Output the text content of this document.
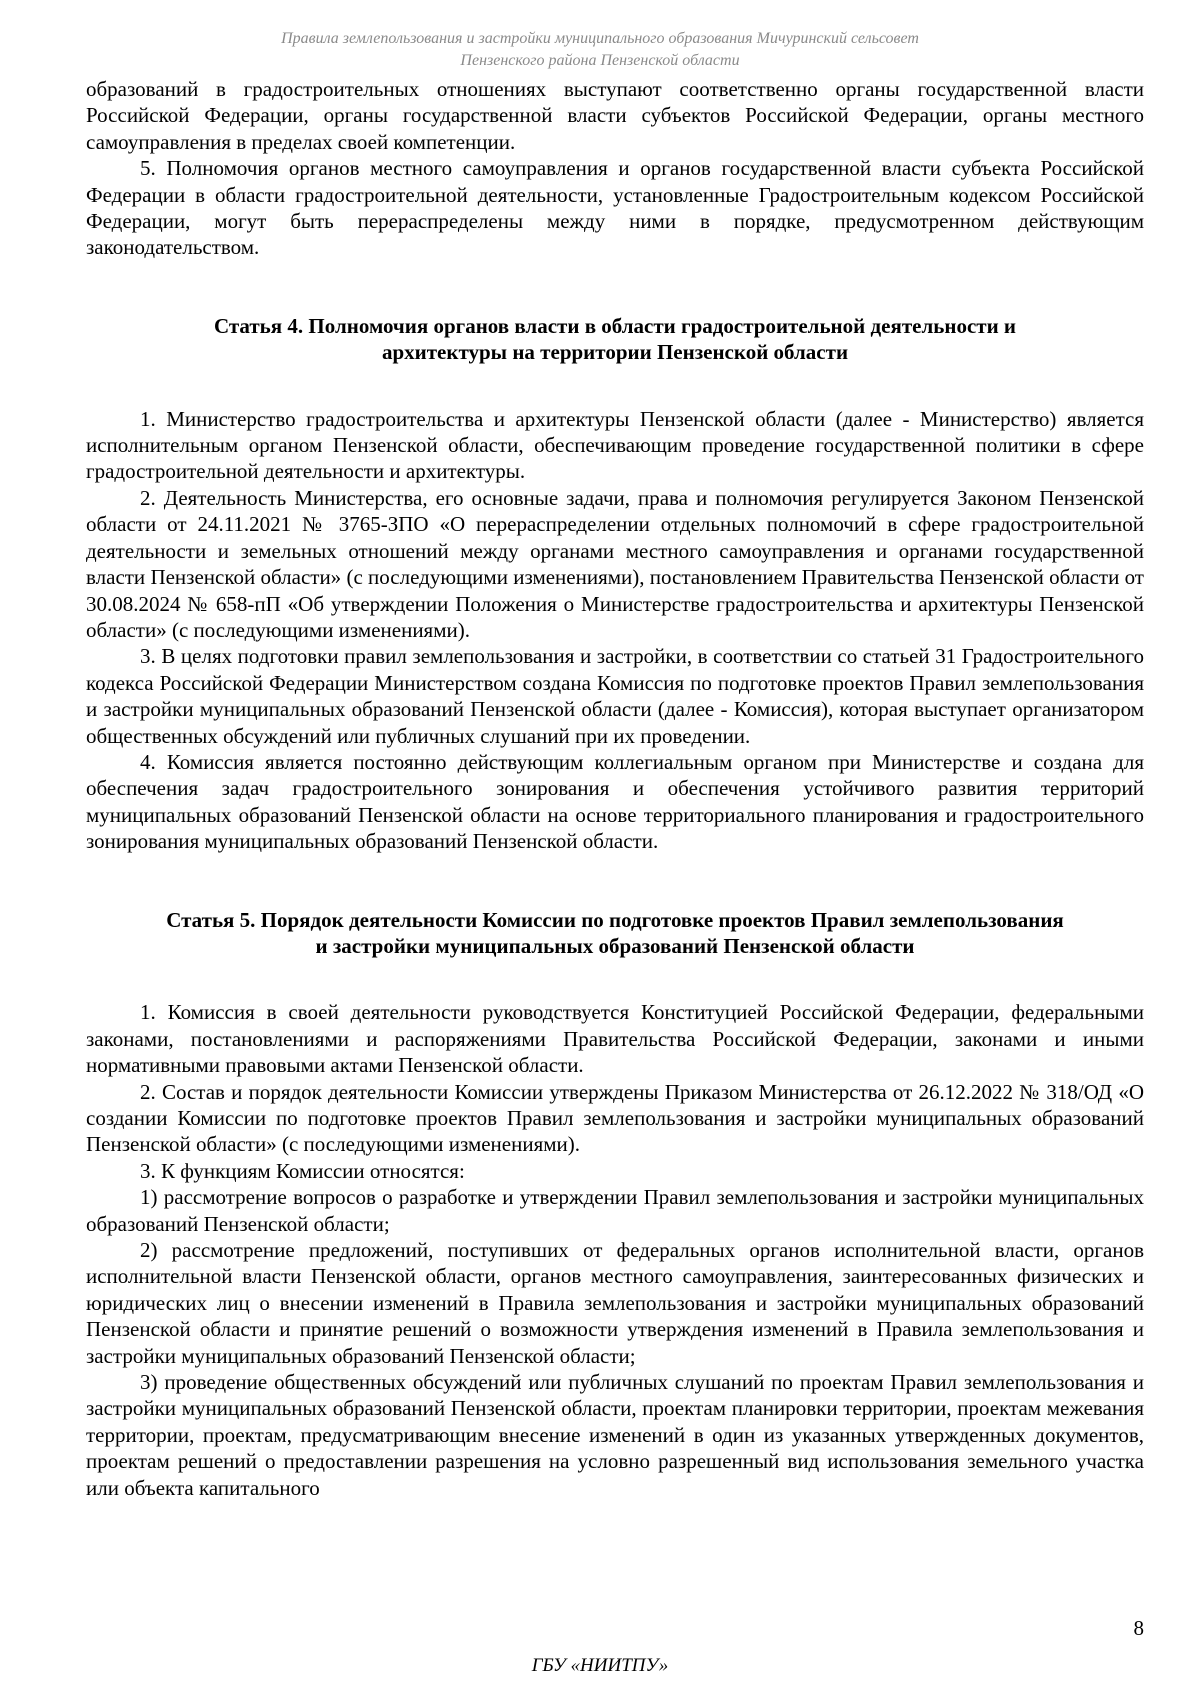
Правила землепользования и застройки муниципального образования Мичуринский сельсовет
Пензенского района Пензенской области

образований в градостроительных отношениях выступают соответственно органы государственной власти Российской Федерации, органы государственной власти субъектов Российской Федерации, органы местного самоуправления в пределах своей компетенции.

5. Полномочия органов местного самоуправления и органов государственной власти субъекта Российской Федерации в области градостроительной деятельности, установленные Градостроительным кодексом Российской Федерации, могут быть перераспределены между ними в порядке, предусмотренном действующим законодательством.

Статья 4. Полномочия органов власти в области градостроительной деятельности и
архитектуры на территории Пензенской области

1. Министерство градостроительства и архитектуры Пензенской области (далее - Министерство) является исполнительным органом Пензенской области, обеспечивающим проведение государственной политики в сфере градостроительной деятельности и архитектуры.

2. Деятельность Министерства, его основные задачи, права и полномочия регулируется Законом Пензенской области от 24.11.2021 № 3765-ЗПО «О перераспределении отдельных полномочий в сфере градостроительной деятельности и земельных отношений между органами местного самоуправления и органами государственной власти Пензенской области» (с последующими изменениями), постановлением Правительства Пензенской области от 30.08.2024 № 658-пП «Об утверждении Положения о Министерстве градостроительства и архитектуры Пензенской области» (с последующими изменениями).

3. В целях подготовки правил землепользования и застройки, в соответствии со статьей 31 Градостроительного кодекса Российской Федерации Министерством создана Комиссия по подготовке проектов Правил землепользования и застройки муниципальных образований Пензенской области (далее - Комиссия), которая выступает организатором общественных обсуждений или публичных слушаний при их проведении.

4. Комиссия является постоянно действующим коллегиальным органом при Министерстве и создана для обеспечения задач градостроительного зонирования и обеспечения устойчивого развития территорий муниципальных образований Пензенской области на основе территориального планирования и градостроительного зонирования муниципальных образований Пензенской области.

Статья 5. Порядок деятельности Комиссии по подготовке проектов Правил землепользования
и застройки муниципальных образований Пензенской области

1. Комиссия в своей деятельности руководствуется Конституцией Российской Федерации, федеральными законами, постановлениями и распоряжениями Правительства Российской Федерации, законами и иными нормативными правовыми актами Пензенской области.

2. Состав и порядок деятельности Комиссии утверждены Приказом Министерства от 26.12.2022 № 318/ОД «О создании Комиссии по подготовке проектов Правил землепользования и застройки муниципальных образований Пензенской области» (с последующими изменениями).

3. К функциям Комиссии относятся:

1) рассмотрение вопросов о разработке и утверждении Правил землепользования и застройки муниципальных образований Пензенской области;

2) рассмотрение предложений, поступивших от федеральных органов исполнительной власти, органов исполнительной власти Пензенской области, органов местного самоуправления, заинтересованных физических и юридических лиц о внесении изменений в Правила землепользования и застройки муниципальных образований Пензенской области и принятие решений о возможности утверждения изменений в Правила землепользования и застройки муниципальных образований Пензенской области;

3) проведение общественных обсуждений или публичных слушаний по проектам Правил землепользования и застройки муниципальных образований Пензенской области, проектам планировки территории, проектам межевания территории, проектам, предусматривающим внесение изменений в один из указанных утвержденных документов, проектам решений о предоставлении разрешения на условно разрешенный вид использования земельного участка или объекта капитального

8
ГБУ «НИИТПУ»
